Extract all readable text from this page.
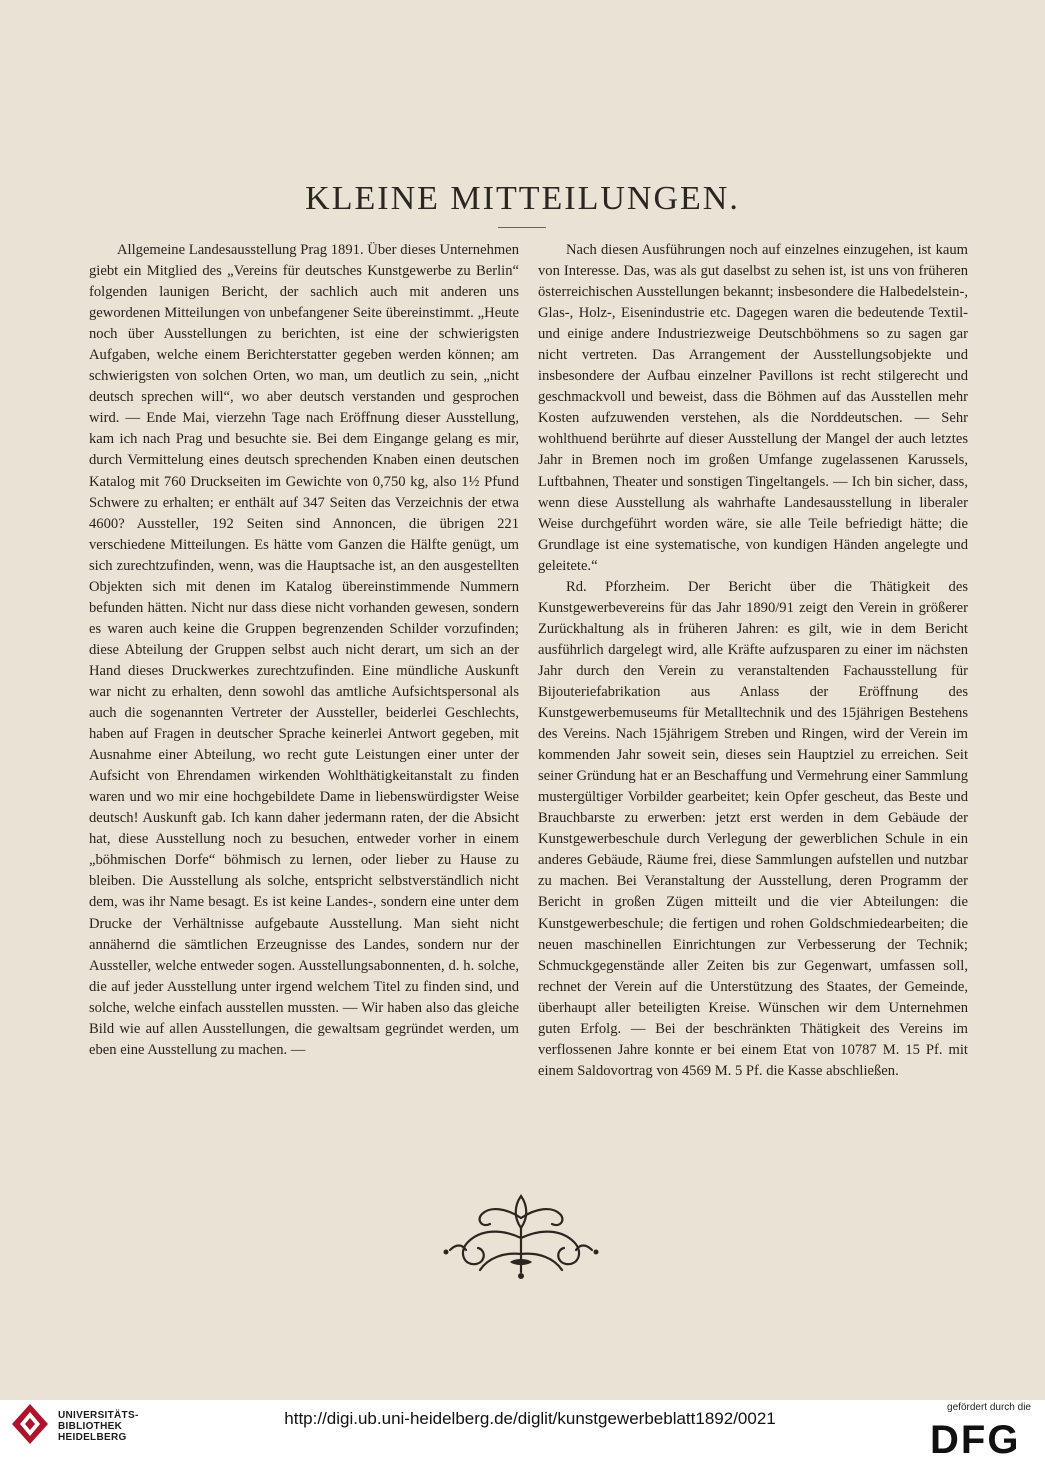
KLEINE MITTEILUNGEN.

Allgemeine Landesausstellung Prag 1891. Über dieses Unternehmen giebt ein Mitglied des „Vereins für deutsches Kunstgewerbe zu Berlin“ folgenden launigen Bericht, der sachlich auch mit anderen uns gewordenen Mitteilungen von unbefangener Seite übereinstimmt. „Heute noch über Ausstellungen zu berichten, ist eine der schwierigsten Aufgaben, welche einem Berichterstatter gegeben werden können; am schwierigsten von solchen Orten, wo man, um deutlich zu sein, „nicht deutsch sprechen will“, wo aber deutsch verstanden und gesprochen wird. — Ende Mai, vierzehn Tage nach Eröffnung dieser Ausstellung, kam ich nach Prag und besuchte sie. Bei dem Eingange gelang es mir, durch Vermittelung eines deutsch sprechenden Knaben einen deutschen Katalog mit 760 Druckseiten im Gewichte von 0,750 kg, also 1½ Pfund Schwere zu erhalten; er enthält auf 347 Seiten das Verzeichnis der etwa 4600? Aussteller, 192 Seiten sind Annoncen, die übrigen 221 verschiedene Mitteilungen. Es hätte vom Ganzen die Hälfte genügt, um sich zurechtzufinden, wenn, was die Hauptsache ist, an den ausgestellten Objekten sich mit denen im Katalog übereinstimmende Nummern befunden hätten. Nicht nur dass diese nicht vorhanden gewesen, sondern es waren auch keine die Gruppen begrenzenden Schilder vorzufinden; diese Abteilung der Gruppen selbst auch nicht derart, um sich an der Hand dieses Druckwerkes zurechtzufinden. Eine mündliche Auskunft war nicht zu erhalten, denn sowohl das amtliche Aufsichtspersonal als auch die sogenannten Vertreter der Aussteller, beiderlei Geschlechts, haben auf Fragen in deutscher Sprache keinerlei Antwort gegeben, mit Ausnahme einer Abteilung, wo recht gute Leistungen einer unter der Aufsicht von Ehrendamen wirkenden Wohlthätigkeitanstalt zu finden waren und wo mir eine hochgebildete Dame in liebenswürdigster Weise deutsch! Auskunft gab. Ich kann daher jedermann raten, der die Absicht hat, diese Ausstellung noch zu besuchen, entweder vorher in einem „böhmischen Dorfe“ böhmisch zu lernen, oder lieber zu Hause zu bleiben. Die Ausstellung als solche, entspricht selbstverständlich nicht dem, was ihr Name besagt. Es ist keine Landes-, sondern eine unter dem Drucke der Verhältnisse aufgebaute Ausstellung. Man sieht nicht annähernd die sämtlichen Erzeugnisse des Landes, sondern nur der Aussteller, welche entweder sogen. Ausstellungsabonnenten, d. h. solche, die auf jeder Ausstellung unter irgend welchem Titel zu finden sind, und solche, welche einfach ausstellen mussten. — Wir haben also das gleiche Bild wie auf allen Ausstellungen, die gewaltsam gegründet werden, um eben eine Ausstellung zu machen. —

Nach diesen Ausführungen noch auf einzelnes einzugehen, ist kaum von Interesse. Das, was als gut daselbst zu sehen ist, ist uns von früheren österreichischen Ausstellungen bekannt; insbesondere die Halbedelstein-, Glas-, Holz-, Eisenindustrie etc. Dagegen waren die bedeutende Textil- und einige andere Industriezweige Deutschböhmens so zu sagen gar nicht vertreten. Das Arrangement der Ausstellungsobjekte und insbesondere der Aufbau einzelner Pavillons ist recht stilgerecht und geschmackvoll und beweist, dass die Böhmen auf das Ausstellen mehr Kosten aufzuwenden verstehen, als die Norddeutschen. — Sehr wohlthuend berührte auf dieser Ausstellung der Mangel der auch letztes Jahr in Bremen noch im großen Umfange zugelassenen Karussels, Luftbahnen, Theater und sonstigen Tingeltangels. — Ich bin sicher, dass, wenn diese Ausstellung als wahrhafte Landesausstellung in liberaler Weise durchgeführt worden wäre, sie alle Teile befriedigt hätte; die Grundlage ist eine systematische, von kundigen Händen angelegte und geleitete.“

Rd. Pforzheim. Der Bericht über die Thätigkeit des Kunstgewerbevereins für das Jahr 1890/91 zeigt den Verein in größerer Zurückhaltung als in früheren Jahren: es gilt, wie in dem Bericht ausführlich dargelegt wird, alle Kräfte aufzusparen zu einer im nächsten Jahr durch den Verein zu veranstaltenden Fachausstellung für Bijouteriefabrikation aus Anlass der Eröffnung des Kunstgewerbemuseums für Metalltechnik und des 15jährigen Bestehens des Vereins. Nach 15jährigem Streben und Ringen, wird der Verein im kommenden Jahr soweit sein, dieses sein Hauptziel zu erreichen. Seit seiner Gründung hat er an Beschaffung und Vermehrung einer Sammlung mustergültiger Vorbilder gearbeitet; kein Opfer gescheut, das Beste und Brauchbarste zu erwerben: jetzt erst werden in dem Gebäude der Kunstgewerbeschule durch Verlegung der gewerblichen Schule in ein anderes Gebäude, Räume frei, diese Sammlungen aufstellen und nutzbar zu machen. Bei Veranstaltung der Ausstellung, deren Programm der Bericht in großen Zügen mitteilt und die vier Abteilungen: die Kunstgewerbeschule; die fertigen und rohen Goldschmiedearbeiten; die neuen maschinellen Einrichtungen zur Verbesserung der Technik; Schmuckgegenstände aller Zeiten bis zur Gegenwart, umfassen soll, rechnet der Verein auf die Unterstützung des Staates, der Gemeinde, überhaupt aller beteiligten Kreise. Wünschen wir dem Unternehmen guten Erfolg. — Bei der beschränkten Thätigkeit des Vereins im verflossenen Jahre konnte er bei einem Etat von 10787 M. 15 Pf. mit einem Saldovortrag von 4569 M. 5 Pf. die Kasse abschließen.

UNIVERSITÄTS-
BIBLIOTHEK
HEIDELBERG
http://digi.ub.uni-heidelberg.de/diglit/kunstgewerbeblatt1892/0021
gefördert durch die
DFG
